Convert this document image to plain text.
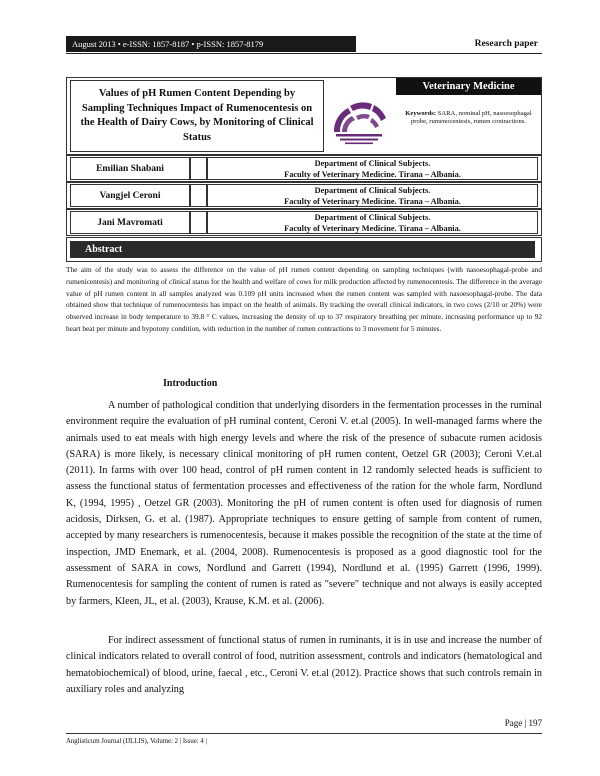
August 2013 • e-ISSN: 1857-8187 • p-ISSN: 1857-8179	Research paper
Values of pH Rumen Content Depending by Sampling Techniques Impact of Rumenocentesis on the Health of Dairy Cows, by Monitoring of Clinical Status
Veterinary Medicine
Keywords: SARA, nominal pH, nasoesophagal probe, rumenocentesis, rumen contractions.
Emilian Shabani
Department of Clinical Subjects.
Faculty of Veterinary Medicine. Tirana – Albania.
Vangjel Ceroni
Department of Clinical Subjects.
Faculty of Veterinary Medicine. Tirana – Albania.
Jani Mavromati
Department of Clinical Subjects.
Faculty of Veterinary Medicine. Tirana – Albania.
Abstract
The aim of the study was to assess the difference on the value of pH rumen content depending on sampling techniques (with nasoesophagal-probe and rumenicentesis) and monitoring of clinical status for the health and welfare of cows for milk production affected by rumenocentesis. The difference in the average value of pH rumen content in all samples analyzed was 0.109 pH units increased when the rumen content was sampled with nasoesophagal-probe. The data obtained show that technique of rumenocentesis has impact on the health of animals. By tracking the overall clinical indicators, in two cows (2/10 or 20%) were observed increase in body temperature to 39.8 ° C values, increasing the density of up to 37 respiratory breathing per minute, increasing performance up to 92 heart beat per minute and hypotony condition, with reduction in the number of rumen contractions to 3 movement for 5 minutes.
Introduction
A number of pathological condition that underlying disorders in the fermentation processes in the ruminal environment require the evaluation of pH ruminal content, Ceroni V. et.al (2005). In well-managed farms where the animals used to eat meals with high energy levels and where the risk of the presence of subacute rumen acidosis (SARA) is more likely, is necessary clinical monitoring of pH rumen content, Oetzel GR (2003); Ceroni V.et.al (2011). In farms with over 100 head, control of pH rumen content in 12 randomly selected heads is sufficient to assess the functional status of fermentation processes and effectiveness of the ration for the whole farm, Nordlund K, (1994, 1995) , Oetzel GR (2003). Monitoring the pH of rumen content is often used for diagnosis of rumen acidosis, Dirksen, G. et al. (1987). Appropriate techniques to ensure getting of sample from content of rumen, accepted by many researchers is rumenocentesis, because it makes possible the recognition of the state at the time of inspection, JMD Enemark, et al. (2004, 2008). Rumenocentesis is proposed as a good diagnostic tool for the assessment of SARA in cows, Nordlund and Garrett (1994), Nordlund et al. (1995) Garrett (1996, 1999). Rumenocentesis for sampling the content of rumen is rated as "severe" technique and not always is easily accepted by farmers, Kleen, JL, et al. (2003), Krause, K.M. et al. (2006).
For indirect assessment of functional status of rumen in ruminants, it is in use and increase the number of clinical indicators related to overall control of food, nutrition assessment, controls and indicators (hematological and hematobiochemical) of blood, urine, faecal , etc., Ceroni V. et.al (2012). Practice shows that such controls remain in auxiliary roles and analyzing
Page | 197
Anglisticum Journal (IJLLIS), Volume: 2 | Issue: 4 |
